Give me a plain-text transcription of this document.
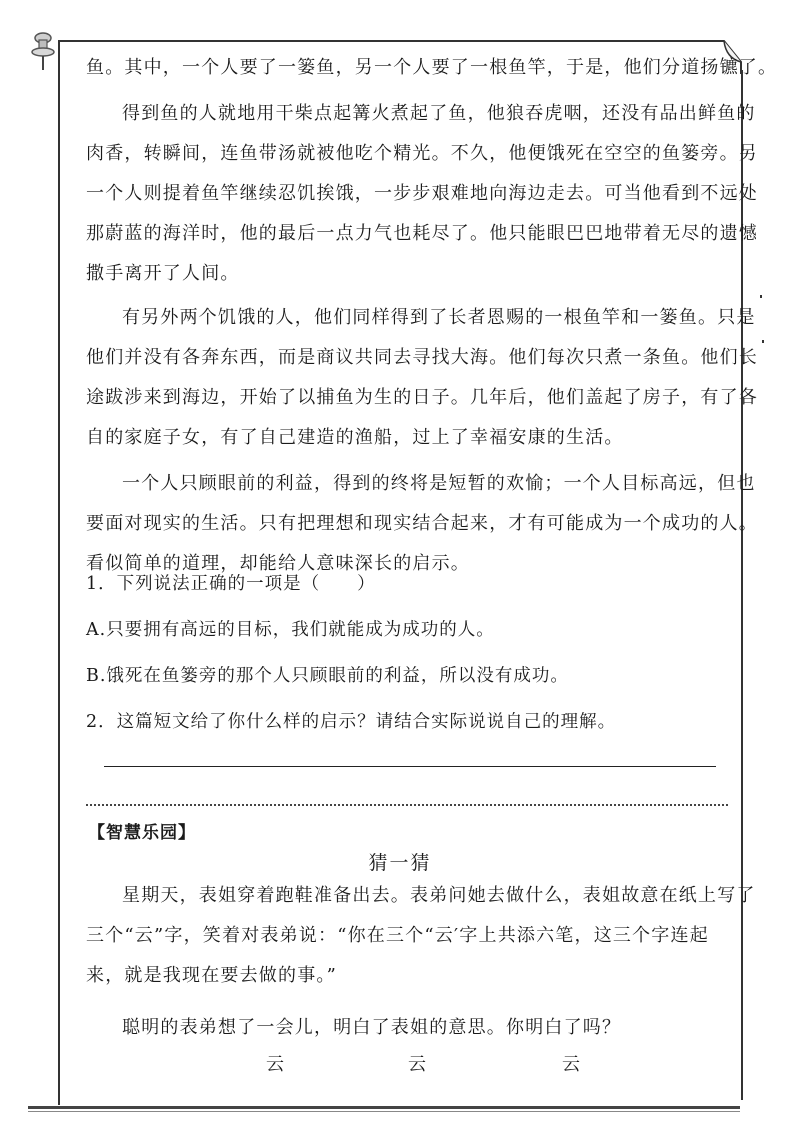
鱼。其中，一个人要了一篓鱼，另一个人要了一根鱼竿，于是，他们分道扬镳了。
得到鱼的人就地用干柴点起篝火煮起了鱼，他狼吞虎咽，还没有品出鲜鱼的
肉香，转瞬间，连鱼带汤就被他吃个精光。不久，他便饿死在空空的鱼篓旁。另
一个人则提着鱼竿继续忍饥挨饿，一步步艰难地向海边走去。可当他看到不远处
那蔚蓝的海洋时，他的最后一点力气也耗尽了。他只能眼巴巴地带着无尽的遗憾
撒手离开了人间。
有另外两个饥饿的人，他们同样得到了长者恩赐的一根鱼竿和一篓鱼。只是
他们并没有各奔东西，而是商议共同去寻找大海。他们每次只煮一条鱼。他们长
途跋涉来到海边，开始了以捕鱼为生的日子。几年后，他们盖起了房子，有了各
自的家庭子女，有了自己建造的渔船，过上了幸福安康的生活。
一个人只顾眼前的利益，得到的终将是短暂的欢愉；一个人目标高远，但也
要面对现实的生活。只有把理想和现实结合起来，才有可能成为一个成功的人。
看似简单的道理，却能给人意味深长的启示。
1．下列说法正确的一项是（　　）
A.只要拥有高远的目标，我们就能成为成功的人。
B.饿死在鱼篓旁的那个人只顾眼前的利益，所以没有成功。
2．这篇短文给了你什么样的启示？请结合实际说说自己的理解。
【智慧乐园】
猜一猜
星期天，表姐穿着跑鞋准备出去。表弟问她去做什么，表姐故意在纸上写了
三个“云”字，笑着对表弟说：“你在三个“云′字上共添六笔，这三个字连起
来，就是我现在要去做的事。”
聪明的表弟想了一会儿，明白了表姐的意思。你明白了吗？
云	云	云
